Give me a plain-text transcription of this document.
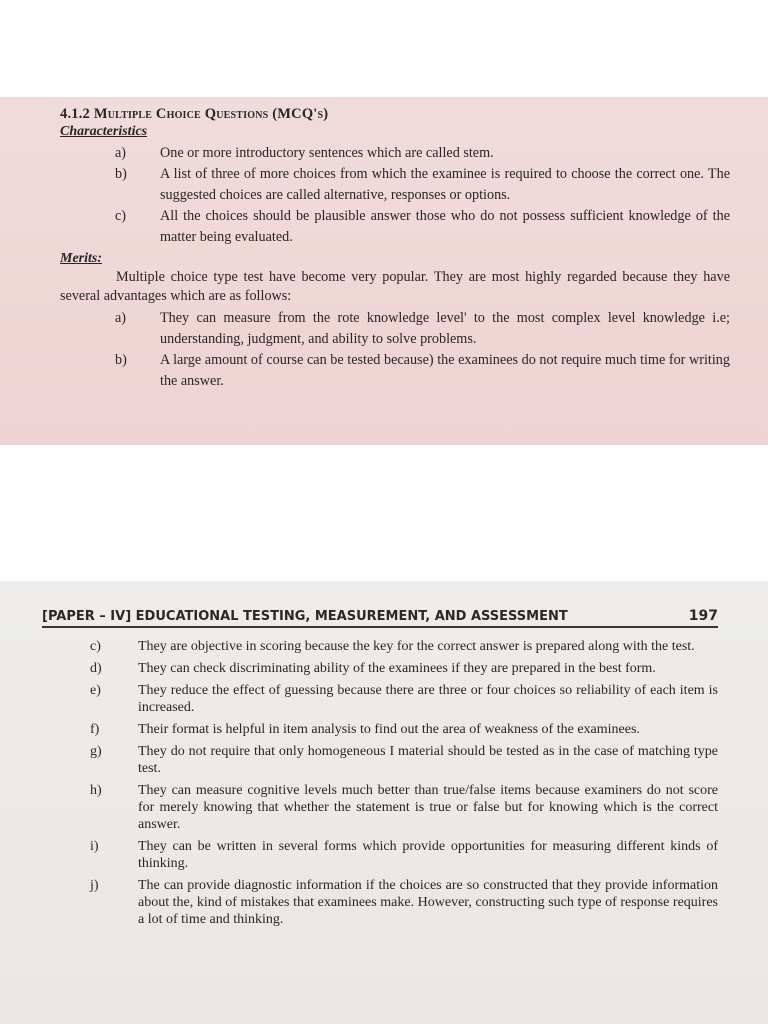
4.1.2 Multiple Choice Questions (MCQ's)
Characteristics
a)	One or more introductory sentences which are called stem.
b)	A list of three of more choices from which the examinee is required to choose the correct one. The suggested choices are called alternative, responses or options.
c)	All the choices should be plausible answer those who do not possess sufficient knowledge of the matter being evaluated.
Merits:

Multiple choice type test have become very popular. They are most highly regarded because they have several advantages which are as follows:

a)	They can measure from the rote knowledge level' to the most complex level knowledge i.e; understanding, judgment, and ability to solve problems.
b)	A large amount of course can be tested because) the examinees do not require much time for writing the answer.
[PAPER – IV] EDUCATIONAL TESTING, MEASUREMENT, AND ASSESSMENT	197
c)	They are objective in scoring because the key for the correct answer is prepared along with the test.
d)	They can check discriminating ability of the examinees if they are prepared in the best form.
e)	They reduce the effect of guessing because there are three or four choices so reliability of each item is increased.
f)	Their format is helpful in item analysis to find out the area of weakness of the examinees.
g)	They do not require that only homogeneous I material should be tested as in the case of matching type test.
h)	They can measure cognitive levels much better than true/false items because examiners do not score for merely knowing that whether the statement is true or false but for knowing which is the correct answer.
i)	They can be written in several forms which provide opportunities for measuring different kinds of thinking.
j)	The can provide diagnostic information if the choices are so constructed that they provide information about the, kind of mistakes that examinees make. However, constructing such type of response requires a lot of time and thinking.
